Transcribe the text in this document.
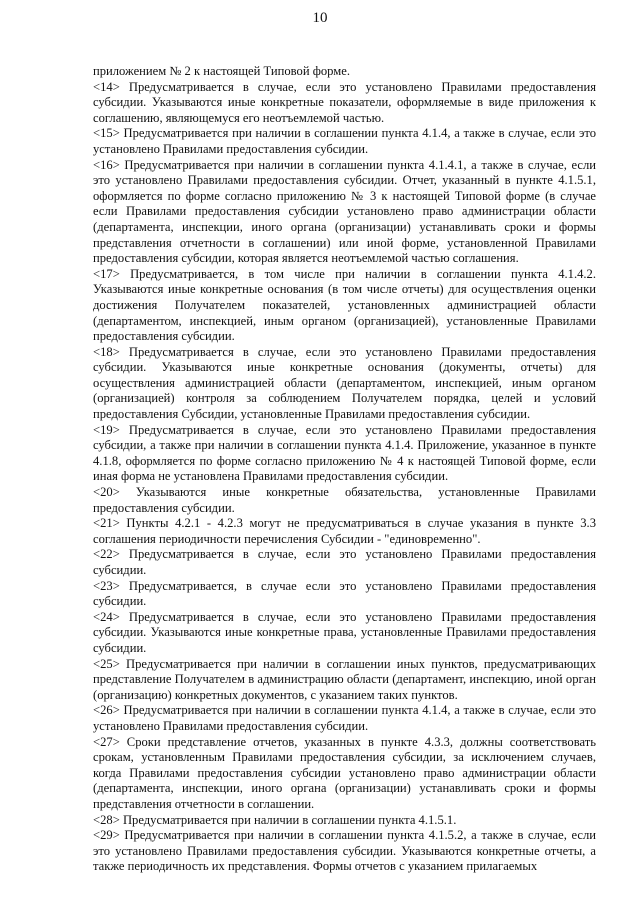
10

приложением № 2 к настоящей Типовой форме.

<14> Предусматривается в случае, если это установлено Правилами предоставления субсидии. Указываются иные конкретные показатели, оформляемые в виде приложения к соглашению, являющемуся его неотъемлемой частью.

<15> Предусматривается при наличии в соглашении пункта 4.1.4, а также в случае, если это установлено Правилами предоставления субсидии.

<16> Предусматривается при наличии в соглашении пункта 4.1.4.1, а также в случае, если это установлено Правилами предоставления субсидии. Отчет, указанный в пункте 4.1.5.1, оформляется по форме согласно приложению № 3 к настоящей Типовой форме (в случае если Правилами предоставления субсидии установлено право администрации области (департамента, инспекции, иного органа (организации) устанавливать сроки и формы представления отчетности в соглашении) или иной форме, установленной Правилами предоставления субсидии, которая является неотъемлемой частью соглашения.

<17> Предусматривается, в том числе при наличии в соглашении пункта 4.1.4.2. Указываются иные конкретные основания (в том числе отчеты) для осуществления оценки достижения Получателем показателей, установленных администрацией области (департаментом, инспекцией, иным органом (организацией), установленные Правилами предоставления субсидии.

<18> Предусматривается в случае, если это установлено Правилами предоставления субсидии. Указываются иные конкретные основания (документы, отчеты) для осуществления администрацией области (департаментом, инспекцией, иным органом (организацией) контроля за соблюдением Получателем порядка, целей и условий предоставления Субсидии, установленные Правилами предоставления субсидии.

<19> Предусматривается в случае, если это установлено Правилами предоставления субсидии, а также при наличии в соглашении пункта 4.1.4. Приложение, указанное в пункте 4.1.8, оформляется по форме согласно приложению № 4 к настоящей Типовой форме, если иная форма не установлена Правилами предоставления субсидии.

<20> Указываются иные конкретные обязательства, установленные Правилами предоставления субсидии.

<21> Пункты 4.2.1 - 4.2.3 могут не предусматриваться в случае указания в пункте 3.3 соглашения периодичности перечисления Субсидии - "единовременно".

<22> Предусматривается в случае, если это установлено Правилами предоставления субсидии.

<23> Предусматривается, в случае если это установлено Правилами предоставления субсидии.

<24> Предусматривается в случае, если это установлено Правилами предоставления субсидии. Указываются иные конкретные права, установленные Правилами предоставления субсидии.

<25> Предусматривается при наличии в соглашении иных пунктов, предусматривающих представление Получателем в администрацию области (департамент, инспекцию, иной орган (организацию) конкретных документов, с указанием таких пунктов.

<26> Предусматривается при наличии в соглашении пункта 4.1.4, а также в случае, если это установлено Правилами предоставления субсидии.

<27> Сроки представление отчетов, указанных в пункте 4.3.3, должны соответствовать срокам, установленным Правилами предоставления субсидии, за исключением случаев, когда Правилами предоставления субсидии установлено право администрации области (департамента, инспекции, иного органа (организации) устанавливать сроки и формы представления отчетности в соглашении.

<28> Предусматривается при наличии в соглашении пункта 4.1.5.1.

<29> Предусматривается при наличии в соглашении пункта 4.1.5.2, а также в случае, если это установлено Правилами предоставления субсидии. Указываются конкретные отчеты, а также периодичность их представления. Формы отчетов с указанием прилагаемых
